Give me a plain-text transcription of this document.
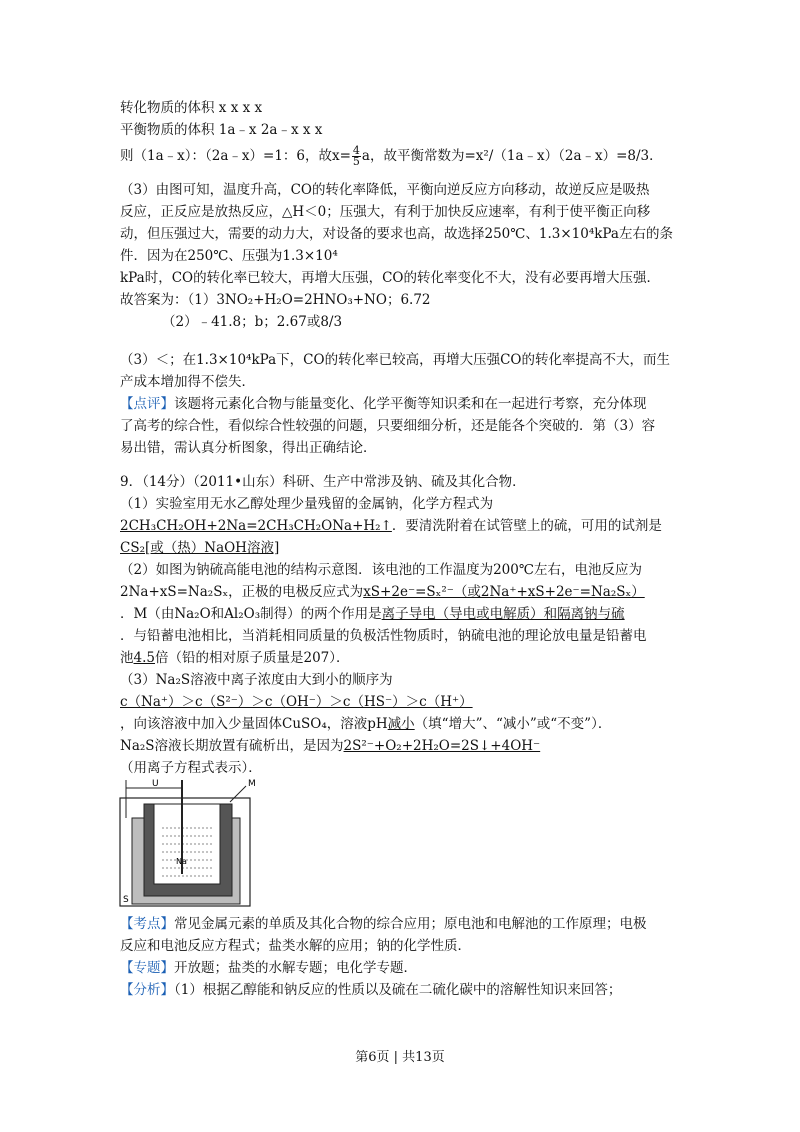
转化物质的体积 x x x x
平衡物质的体积 1a﹣x 2a﹣x x x
则（1a﹣x）：（2a﹣x）=1：6，故$x= \frac{4}{5}$ a，故平衡常数为=x²/（1a﹣x）（2a﹣x）=8/3．
（3）由图可知，温度升高，CO的转化率降低，平衡向逆反应方向移动，故逆反应是吸热
反应，正反应是放热反应，△H＜0；压强大，有利于加快反应速率，有利于使平衡正向移
动，但压强过大，需要的动力大，对设备的要求也高，故选择250℃、1.3×10⁴kPa左右的条
件．因为在250℃、压强为1.3×10⁴
kPa时，CO的转化率已较大，再增大压强，CO的转化率变化不大，没有必要再增大压强．
故答案为：（1）3NO₂+H₂O=2HNO₃+NO；6.72
（2）﹣41.8；b；2.67或8/3
（3）＜；在1.3×10⁴kPa下，CO的转化率已较高，再增大压强CO的转化率提高不大，而生
产成本增加得不偿失．
【点评】该题将元素化合物与能量变化、化学平衡等知识柔和在一起进行考察，充分体现
了高考的综合性，看似综合性较强的问题，只要细细分析，还是能各个突破的．第（3）容
易出错，需认真分析图象，得出正确结论．
9．（14分）（2011•山东）科研、生产中常涉及钠、硫及其化合物．
（1）实验室用无水乙醇处理少量残留的金属钠，化学方程式为
2CH₃CH₂OH+2Na=2CH₃CH₂ONa+H₂↑．要清洗附着在试管壁上的硫，可用的试剂是
CS₂[或（热）NaOH溶液]
（2）如图为钠硫高能电池的结构示意图．该电池的工作温度为200℃左右，电池反应为
2Na+xS=Na₂Sₓ，正极的电极反应式为xS+2e⁻=Sₓ²⁻（或2Na⁺+xS+2e⁻=Na₂Sₓ）
．M（由Na₂O和Al₂O₃制得）的两个作用是离子导电（导电或电解质）和隔离钠与硫
．与铅蓄电池相比，当消耗相同质量的负极活性物质时，钠硫电池的理论放电量是铅蓄电
池4.5倍（铅的相对原子质量是207）．
（3）Na₂S溶液中离子浓度由大到小的顺序为
c（Na⁺）＞c（S²⁻）＞c（OH⁻）＞c（HS⁻）＞c（H⁺）
，向该溶液中加入少量固体CuSO₄，溶液pH减小（填“增大”、“减小”或“不变”）．
Na₂S溶液长期放置有硫析出，是因为2S²⁻+O₂+2H₂O=2S↓+4OH⁻
（用离子方程式表示）．
U	M
Na
S
【考点】常见金属元素的单质及其化合物的综合应用；原电池和电解池的工作原理；电极
反应和电池反应方程式；盐类水解的应用；钠的化学性质．
【专题】开放题；盐类的水解专题；电化学专题．
【分析】（1）根据乙醇能和钠反应的性质以及硫在二硫化碳中的溶解性知识来回答；
第6页 | 共13页
